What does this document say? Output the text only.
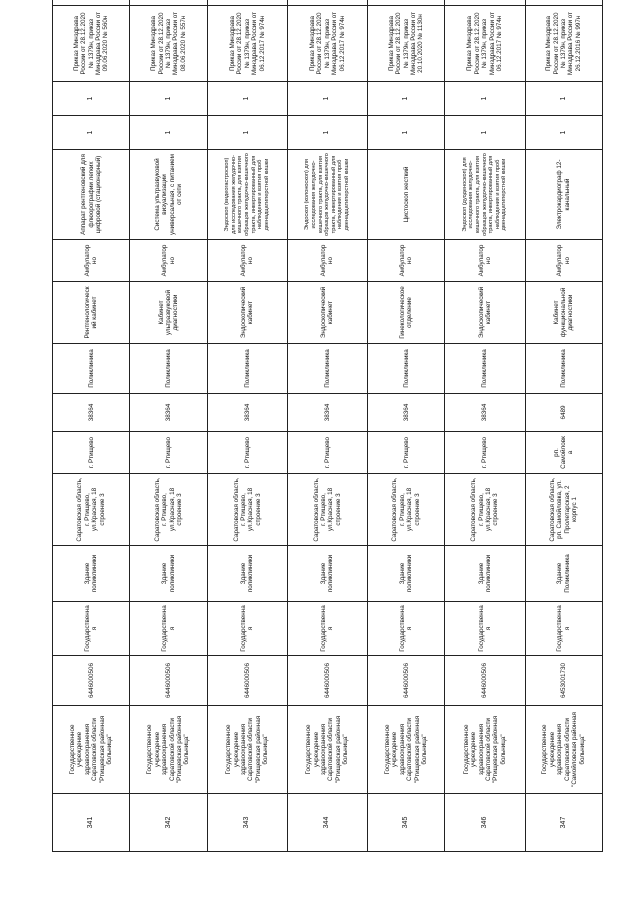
341	Государственное учреждение здравоохранения Саратовской области "Ртищевская районная больница"	6446000506	Государственная	Здание поликлиники	Саратовская область, г. Ртищево, ул.Красная, 18 строение 3	г. Ртищево	38364	Поликлиника	Рентгенологический кабинет	Амбулаторно	Аппарат рентгеновский для флюорографии легких цифровой (стационарный)	1	1	Приказ Минздрава России от 28.12.2020 № 1379н, приказ Минздрава России от 09.06.2020 № 560н	
342	Государственное учреждение здравоохранения Саратовской области "Ртищевская районная больница"	6446000506	Государственная	Здание поликлиники	Саратовская область, г. Ртищево, ул.Красная, 18 строение 3	г. Ртищево	38364	Поликлиника	Кабинет ультразвуковой диагностики	Амбулаторно	Система ультразвуковой визуализации универсальная, с питанием от сети	1	1	Приказ Минздрава России от 28.12.2020 № 1379н, приказ Минздрава России от 08.06.2020 № 557н	
343	Государственное учреждение здравоохранения Саратовской области "Ртищевская районная больница"	6446000506	Государственная	Здание поликлиники	Саратовская область, г. Ртищево, ул.Красная, 18 строение 3	г. Ртищево	38364	Поликлиника	Эндоскопический кабинет	Амбулаторно	Эндоскоп (видеогастроскоп) для исследования желудочно-кишечного тракта, для взятия образцов желудочно-кишечного тракта, инвертированный для наблюдения и взятия проб двенадцатиперстной кишки	1	1	Приказ Минздрава России от 28.12.2020 № 1379н, приказ Минздрава России от 06.12.2017 № 974н	
344	Государственное учреждение здравоохранения Саратовской области "Ртищевская районная больница"	6446000506	Государственная	Здание поликлиники	Саратовская область, г. Ртищево, ул.Красная, 18 строение 3	г. Ртищево	38364	Поликлиника	Эндоскопический кабинет	Амбулаторно	Эндоскоп (колоноскоп) для исследования желудочно-кишечного тракта, для взятия образцов желудочно-кишечного тракта, инвертированный для наблюдения и взятия проб двенадцатиперстной кишки	1	1	Приказ Минздрава России от 28.12.2020 № 1379н, приказ Минздрава России от 06.12.2017 № 974н	
345	Государственное учреждение здравоохранения Саратовской области "Ртищевская районная больница"	6446000506	Государственная	Здание поликлиники	Саратовская область, г. Ртищево, ул.Красная, 18 строение 3	г. Ртищево	38364	Поликлиника	Гинекологическое отделение	Амбулаторно	Цистоскоп жесткий	1	1	Приказ Минздрава России от 28.12.2020 № 1379н, приказ Минздрава России от 20.10.2020 № 1130н	
346	Государственное учреждение здравоохранения Саратовской области "Ртищевская районная больница"	6446000506	Государственная	Здание поликлиники	Саратовская область, г. Ртищево, ул.Красная, 18 строение 3	г. Ртищево	38364	Поликлиника	Эндоскопический кабинет	Амбулаторно	Эндоскоп (дуоденоскоп) для исследования желудочно-кишечного тракта, для взятия образцов желудочно-кишечного тракта, инвертированный для наблюдения и взятия проб двенадцатиперстной кишки	1	1	Приказ Минздрава России от 28.12.2020 № 1379н, приказ Минздрава России от 06.12.2017 № 974н	
347	Государственное учреждение здравоохранения Саратовской области "Самойловская районная больница"	6453001730	Государственная	Здание Поликлиника	Саратовская область, рп. Самойловка, ул. Пролетарская, 2 корпус 1	рп. Самойловка	6489	Поликлиника	Кабинет функциональной диагностики	Амбулаторно	Электрокардиограф 12-канальный	1	1	Приказ Минздрава России от 28.12.2020 № 1379н, приказ Минздрава России от 26.12.2016 № 997н	
